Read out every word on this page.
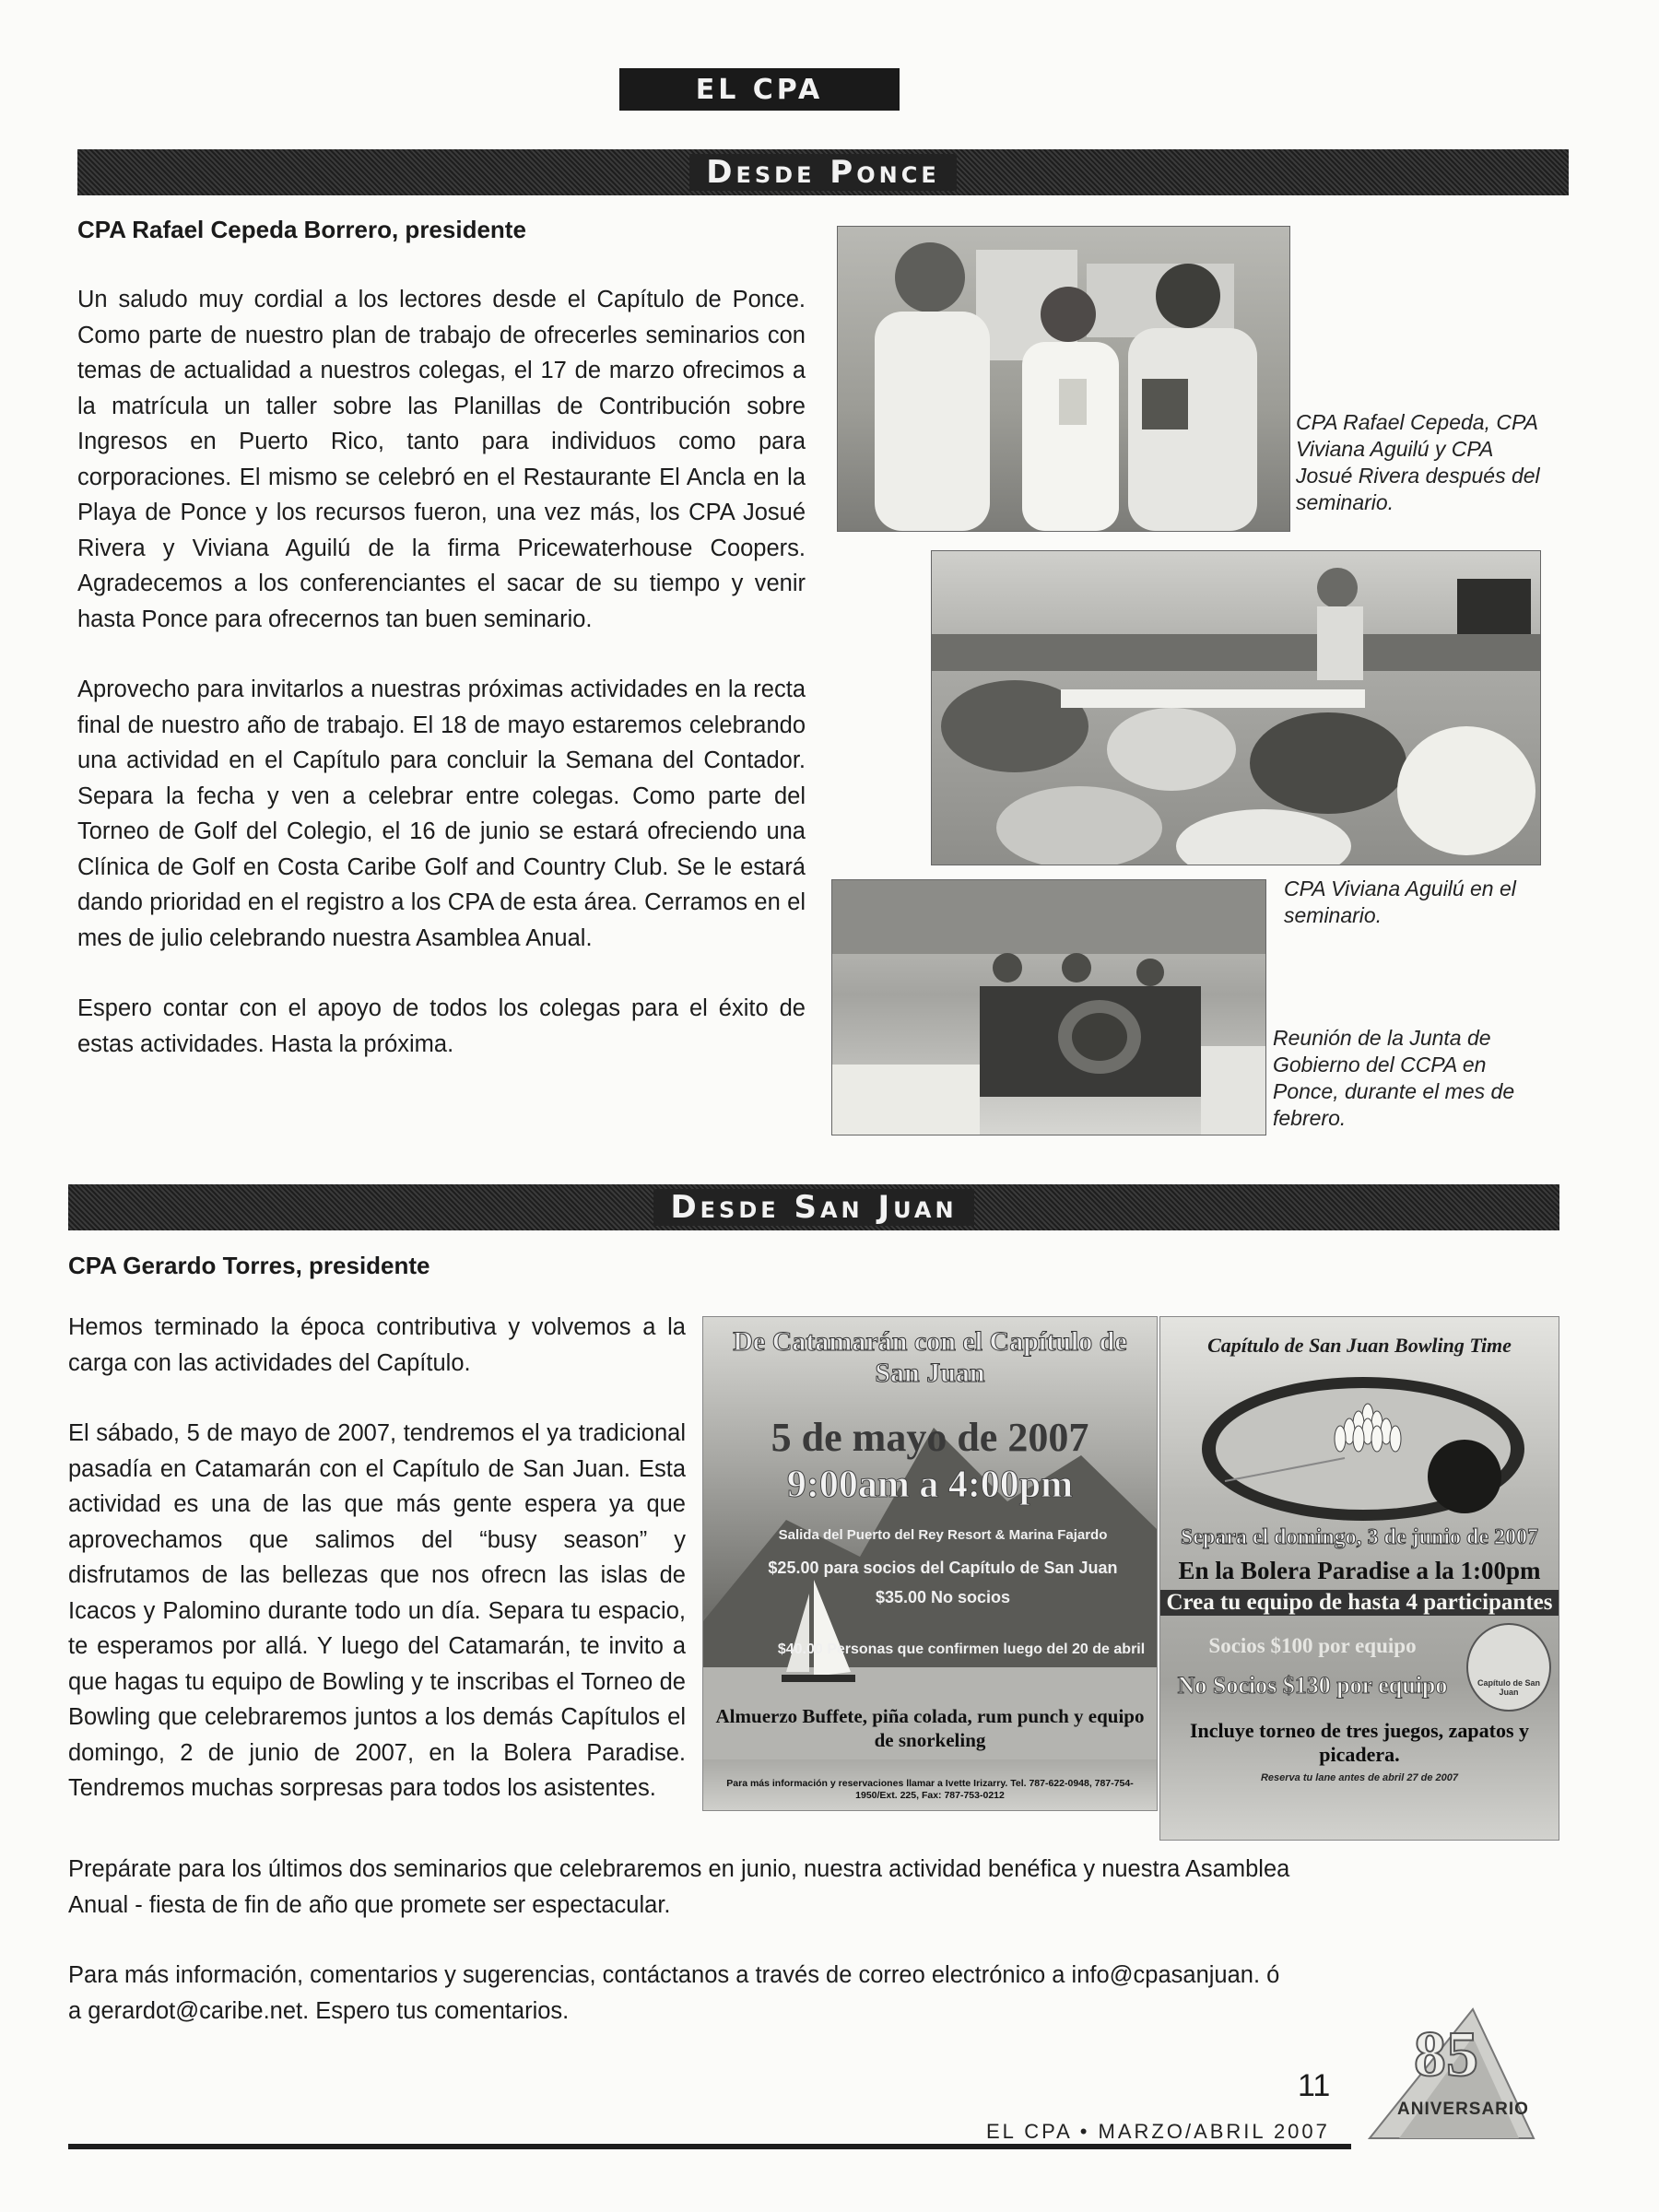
EL CPA
Desde Ponce
CPA Rafael Cepeda Borrero, presidente

Un saludo muy cordial a los lectores desde el Capítulo de Ponce. Como parte de nuestro plan de trabajo de ofrecerles seminarios con temas de actualidad a nuestros colegas, el 17 de marzo ofrecimos a la matrícula un taller sobre las Planillas de Contribución sobre Ingresos en Puerto Rico, tanto para individuos como para corporaciones. El mismo se celebró en el Restaurante El Ancla en la Playa de Ponce y los recursos fueron, una vez más, los CPA Josué Rivera y Viviana Aguilú de la firma Pricewaterhouse Coopers. Agradecemos a los conferenciantes el sacar de su tiempo y venir hasta Ponce para ofrecernos tan buen seminario.

Aprovecho para invitarlos a nuestras próximas actividades en la recta final de nuestro año de trabajo. El 18 de mayo estaremos celebrando una actividad en el Capítulo para concluir la Semana del Contador. Separa la fecha y ven a celebrar entre colegas. Como parte del Torneo de Golf del Colegio, el 16 de junio se estará ofreciendo una Clínica de Golf en Costa Caribe Golf and Country Club. Se le estará dando prioridad en el registro a los CPA de esta área. Cerramos en el mes de julio celebrando nuestra Asamblea Anual.

Espero contar con el apoyo de todos los colegas para el éxito de estas actividades. Hasta la próxima.

CPA Rafael Cepeda, CPA Viviana Aguilú y CPA Josué Rivera después del seminario.
CPA Viviana Aguilú en el seminario.
Reunión de la Junta de Gobierno del CCPA en Ponce, durante el mes de febrero.
Desde San Juan
CPA Gerardo Torres, presidente

Hemos terminado la época contributiva y volvemos a la carga con las actividades del Capítulo.

El sábado, 5 de mayo de 2007, tendremos el ya tradicional pasadía en Catamarán con el Capítulo de San Juan. Esta actividad es una de las que más gente espera ya que aprovechamos que salimos del “busy season” y disfrutamos de las bellezas que nos ofrecn las islas de Icacos y Palomino durante todo un día. Separa tu espacio, te esperamos por allá. Y luego del Catamarán, te invito a que hagas tu equipo de Bowling y te inscribas el Torneo de Bowling que celebraremos juntos a los demás Capítulos el domingo, 2 de junio de 2007, en la Bolera Paradise. Tendremos muchas sorpresas para todos los asistentes.

De Catamarán con el Capítulo de San Juan
5 de mayo de 2007
9:00am a 4:00pm
Salida del Puerto del Rey Resort & Marina Fajardo
$25.00 para socios del Capítulo de San Juan
$35.00 No socios
$40.00 Personas que confirmen luego del 20 de abril
Almuerzo Buffete, piña colada, rum punch y equipo de snorkeling
Para más información y reservaciones llamar a Ivette Irizarry. Tel. 787-622-0948, 787-754-1950/Ext. 225, Fax: 787-753-0212
Capítulo de San Juan Bowling Time
Separa el domingo, 3 de junio de 2007
En la Bolera Paradise a la 1:00pm
Crea tu equipo de hasta 4 participantes
Socios $100 por equipo
No Socios $130 por equipo	Capítulo de San Juan
Incluye torneo de tres juegos, zapatos y picadera.
Reserva tu lane antes de abril 27 de 2007

Prepárate para los últimos dos seminarios que celebraremos en junio, nuestra actividad benéfica y nuestra Asamblea Anual - fiesta de fin de año que promete ser espectacular.

Para más información, comentarios y sugerencias, contáctanos a través de correo electrónico a info@cpasanjuan. ó a gerardot@caribe.net. Espero tus comentarios.

11
EL CPA • MARZO/ABRIL 2007
85
ANIVERSARIO
